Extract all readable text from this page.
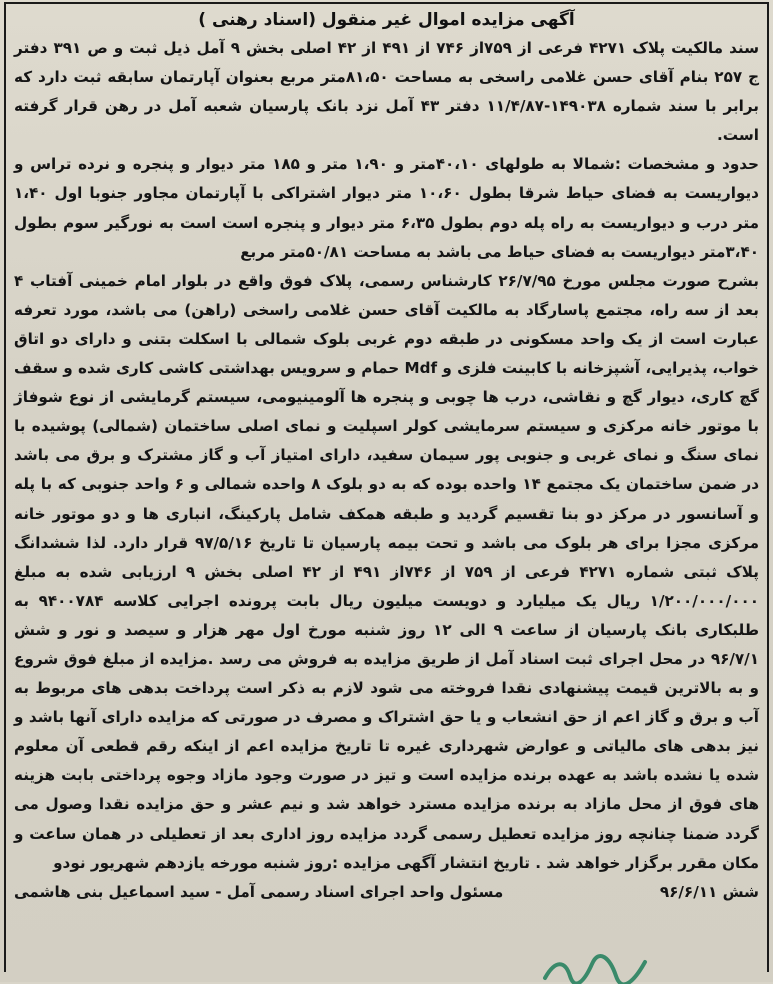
آگهی مزایده اموال غیر منقول (اسناد رهنی )

سند مالکیت پلاک ۴۲۷۱ فرعی از ۷۵۹از ۷۴۶ از ۴۹۱ از ۴۲ اصلی بخش ۹ آمل ذیل ثبت و ص ۳۹۱ دفتر ج ۲۵۷ بنام آقای حسن غلامی راسخی به مساحت ۸۱،۵۰متر مربع بعنوان آپارتمان سابقه ثبت دارد که برابر با سند شماره ۱۴۹۰۳۸-۱۱/۴/۸۷ دفتر ۴۳ آمل نزد بانک پارسیان شعبه آمل در رهن قرار گرفته است.

حدود و مشخصات :شمالا به طولهای ۴۰،۱۰متر و ۱،۹۰ متر و ۱۸۵ متر دیوار و پنجره و نرده تراس و دیواریست به فضای حیاط شرقا بطول ۱۰،۶۰ متر دیوار اشتراکی با آپارتمان مجاور جنوبا اول ۱،۴۰ متر درب و دیواریست به راه پله دوم بطول ۶،۳۵ متر دیوار و پنجره است است به نورگیر سوم بطول ۳،۴۰متر دیواریست به فضای حیاط می باشد به مساحت ۵۰/۸۱متر مربع

بشرح صورت مجلس مورخ ۲۶/۷/۹۵ کارشناس رسمی، پلاک فوق واقع در بلوار امام خمینی آفتاب ۴ بعد از سه راه، مجتمع پاسارگاد به مالکیت آقای حسن غلامی راسخی (راهن) می باشد، مورد تعرفه عبارت است از یک واحد مسکونی در طبقه دوم غربی بلوک شمالی با اسکلت بتنی و دارای دو اتاق خواب، پذیرایی، آشپزخانه با کابینت فلزی و Mdf حمام و سرویس بهداشتی کاشی کاری شده و سقف گچ کاری، دیوار گچ و نقاشی، درب ها چوبی و پنجره ها آلومینیومی، سیستم گرمایشی از نوع شوفاژ با موتور خانه مرکزی و سیستم سرمایشی کولر اسپلیت و نمای اصلی ساختمان (شمالی) پوشیده با نمای سنگ و نمای غربی و جنوبی پور سیمان سفید، دارای امتیاز آب و گاز مشترک و برق می باشد در ضمن ساختمان یک مجتمع ۱۴ واحده بوده که به دو بلوک ۸ واحده شمالی و ۶ واحد جنوبی که با پله و آسانسور در مرکز دو بنا تقسیم گردید و طبقه همکف شامل پارکینگ، انباری ها و دو موتور خانه مرکزی مجزا برای هر بلوک می باشد و تحت بیمه پارسیان تا تاریخ ۹۷/۵/۱۶ قرار دارد. لذا ششدانگ پلاک ثبتی شماره ۴۲۷۱ فرعی از ۷۵۹ از ۷۴۶از ۴۹۱ از ۴۲ اصلی بخش ۹ ارزیابی شده به مبلغ ۱/۲۰۰/۰۰۰/۰۰۰ ریال یک میلیارد و دویست میلیون ریال بابت پرونده اجرایی کلاسه ۹۴۰۰۷۸۴ به طلبکاری بانک پارسیان از ساعت ۹ الی ۱۲ روز شنبه مورخ اول مهر هزار و سیصد و نور و شش ۹۶/۷/۱ در محل اجرای ثبت اسناد آمل از طریق مزایده به فروش می رسد .مزایده از مبلغ فوق شروع و به بالاترین قیمت پیشنهادی نقدا فروخته می شود لازم به ذکر است پرداخت بدهی های مربوط به آب و برق و گاز اعم از حق انشعاب و یا حق اشتراک و مصرف در صورتی که مزایده دارای آنها باشد و نیز بدهی های مالیاتی و عوارض شهرداری غیره تا تاریخ مزایده اعم از اینکه رقم قطعی آن معلوم شده یا نشده باشد به عهده برنده مزایده است و تیز در صورت وجود مازاد وجوه پرداختی بابت هزینه های فوق از محل مازاد به برنده مزایده مسترد خواهد شد و نیم عشر و حق مزایده نقدا وصول می گردد ضمنا چنانچه روز مزایده تعطیل رسمی گردد مزایده روز اداری بعد از تعطیلی در همان ساعت و مکان مقرر برگزار خواهد شد . تاریخ انتشار آگهی مزایده :روز شنبه مورخه یازدهم شهریور نودو

شش ۹۶/۶/۱۱
مسئول واحد اجرای اسناد رسمی آمل - سید اسماعیل بنی هاشمی
